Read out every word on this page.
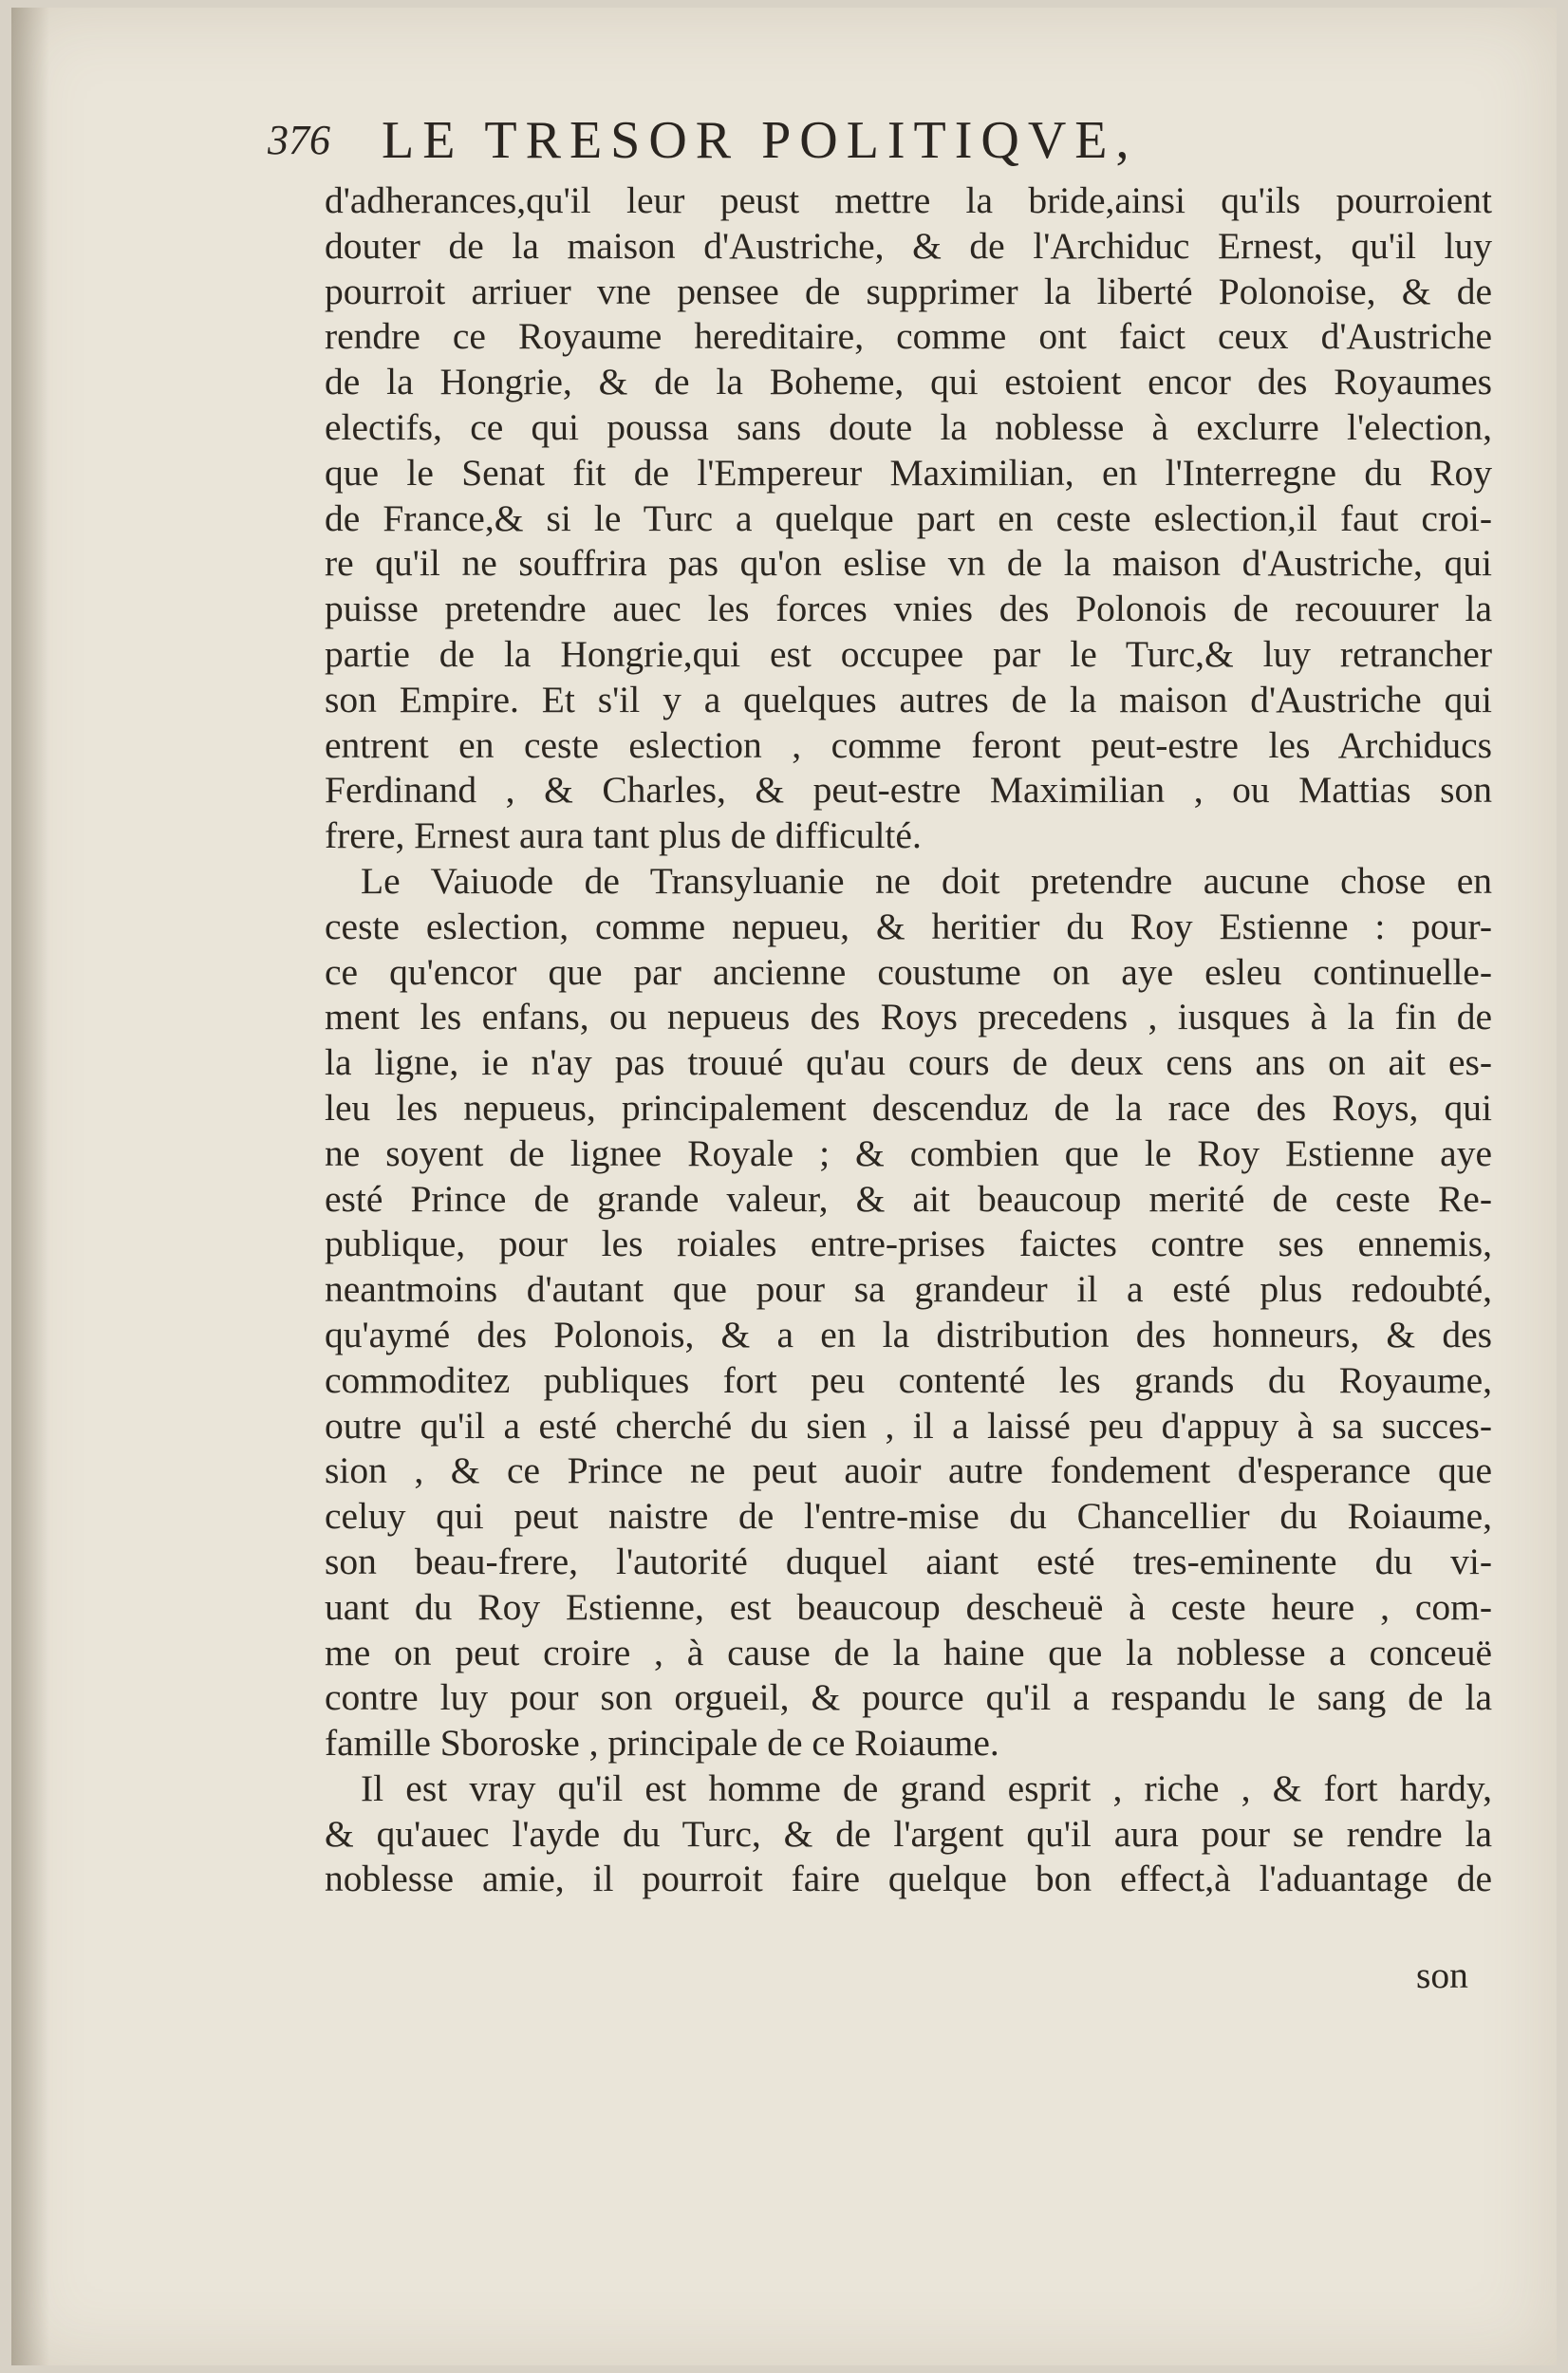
376 LE TRESOR POLITIQVE,
d'adherances,qu'il leur peust mettre la bride,ainsi qu'ils pourroient
douter de la maison d'Austriche, & de l'Archiduc Ernest, qu'il luy
pourroit arriuer vne pensee de supprimer la liberté Polonoise, & de
rendre ce Royaume hereditaire, comme ont faict ceux d'Austriche
de la Hongrie, & de la Boheme, qui estoient encor des Royaumes
electifs, ce qui poussa sans doute la noblesse à exclurre l'election,
que le Senat fit de l'Empereur Maximilian, en l'Interregne du Roy
de France,& si le Turc a quelque part en ceste eslection,il faut croi-
re qu'il ne souffrira pas qu'on eslise vn de la maison d'Austriche, qui
puisse pretendre auec les forces vnies des Polonois de recouurer la
partie de la Hongrie,qui est occupee par le Turc,& luy retrancher
son Empire. Et s'il y a quelques autres de la maison d'Austriche qui
entrent en ceste eslection , comme feront peut-estre les Archiducs
Ferdinand , & Charles, & peut-estre Maximilian , ou Mattias son
frere, Ernest aura tant plus de difficulté.
Le Vaiuode de Transyluanie ne doit pretendre aucune chose en
ceste eslection, comme nepueu, & heritier du Roy Estienne : pour-
ce qu'encor que par ancienne coustume on aye esleu continuelle-
ment les enfans, ou nepueus des Roys precedens , iusques à la fin de
la ligne, ie n'ay pas trouué qu'au cours de deux cens ans on ait es-
leu les nepueus, principalement descenduz de la race des Roys, qui
ne soyent de lignee Royale ; & combien que le Roy Estienne aye
esté Prince de grande valeur, & ait beaucoup merité de ceste Re-
publique, pour les roiales entre-prises faictes contre ses ennemis,
neantmoins d'autant que pour sa grandeur il a esté plus redoubté,
qu'aymé des Polonois, & a en la distribution des honneurs, & des
commoditez publiques fort peu contenté les grands du Royaume,
outre qu'il a esté cherché du sien , il a laissé peu d'appuy à sa succes-
sion , & ce Prince ne peut auoir autre fondement d'esperance que
celuy qui peut naistre de l'entre-mise du Chancellier du Roiaume,
son beau-frere, l'autorité duquel aiant esté tres-eminente du vi-
uant du Roy Estienne, est beaucoup descheuë à ceste heure , com-
me on peut croire , à cause de la haine que la noblesse a conceuë
contre luy pour son orgueil, & pource qu'il a respandu le sang de la
famille Sboroske , principale de ce Roiaume.
Il est vray qu'il est homme de grand esprit , riche , & fort hardy,
& qu'auec l'ayde du Turc, & de l'argent qu'il aura pour se rendre la
noblesse amie, il pourroit faire quelque bon effect,à l'aduantage de
son
